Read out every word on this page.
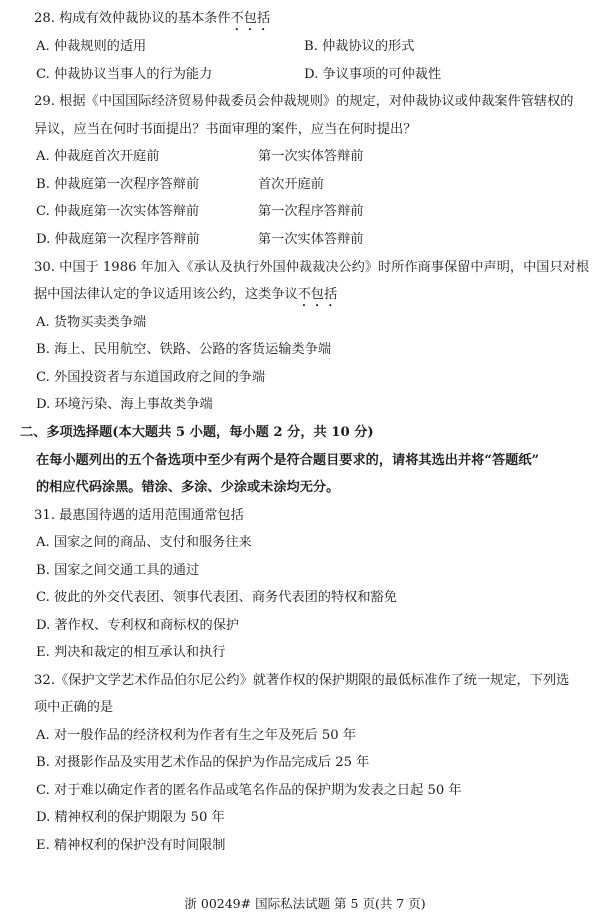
28. 构成有效仲裁协议的基本条件不包括
A. 仲裁规则的适用	B. 仲裁协议的形式
C. 仲裁协议当事人的行为能力	D. 争议事项的可仲裁性
29. 根据《中国国际经济贸易仲裁委员会仲裁规则》的规定，对仲裁协议或仲裁案件管辖权的
异议，应当在何时书面提出？书面审理的案件，应当在何时提出？
A. 仲裁庭首次开庭前	第一次实体答辩前
B. 仲裁庭第一次程序答辩前	首次开庭前
C. 仲裁庭第一次实体答辩前	第一次程序答辩前
D. 仲裁庭第一次程序答辩前	第一次实体答辩前
30. 中国于 1986 年加入《承认及执行外国仲裁裁决公约》时所作商事保留中声明，中国只对根
据中国法律认定的争议适用该公约，这类争议不包括
A. 货物买卖类争端
B. 海上、民用航空、铁路、公路的客货运输类争端
C. 外国投资者与东道国政府之间的争端
D. 环境污染、海上事故类争端
二、多项选择题(本大题共 5 小题，每小题 2 分，共 10 分)
在每小题列出的五个备选项中至少有两个是符合题目要求的，请将其选出并将“答题纸”
的相应代码涂黑。错涂、多涂、少涂或未涂均无分。
31. 最惠国待遇的适用范围通常包括
A. 国家之间的商品、支付和服务往来
B. 国家之间交通工具的通过
C. 彼此的外交代表团、领事代表团、商务代表团的特权和豁免
D. 著作权、专利权和商标权的保护
E. 判决和裁定的相互承认和执行
32.《保护文学艺术作品伯尔尼公约》就著作权的保护期限的最低标准作了统一规定，下列选
项中正确的是
A. 对一般作品的经济权利为作者有生之年及死后 50 年
B. 对摄影作品及实用艺术作品的保护为作品完成后 25 年
C. 对于难以确定作者的匿名作品或笔名作品的保护期为发表之日起 50 年
D. 精神权利的保护期限为 50 年
E. 精神权利的保护没有时间限制
浙 00249# 国际私法试题 第 5 页(共 7 页)
